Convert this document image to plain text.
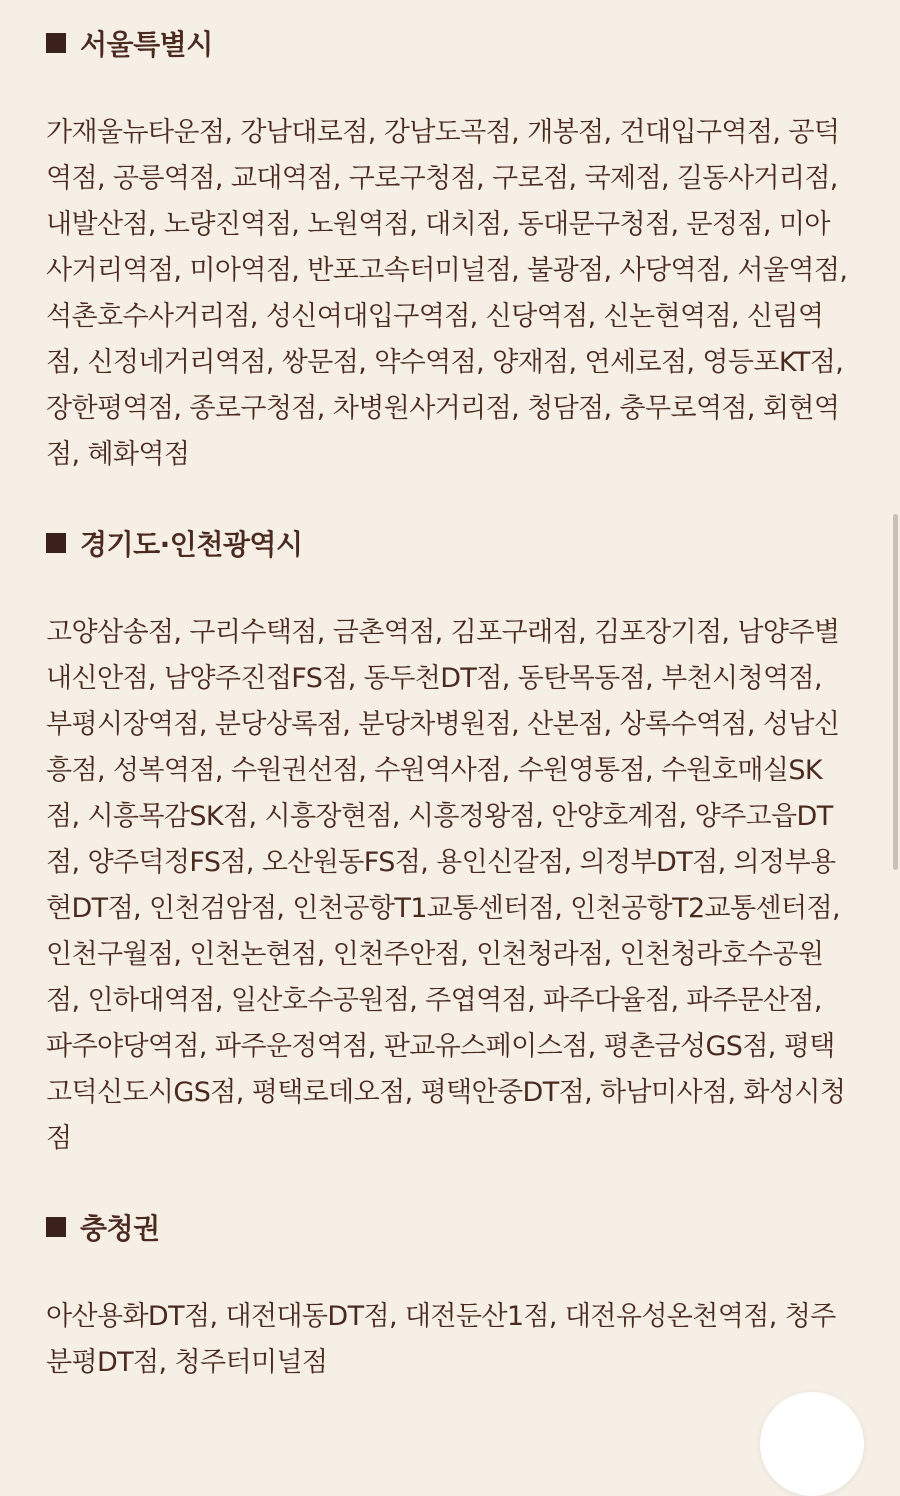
서울특별시

가재울뉴타운점, 강남대로점, 강남도곡점, 개봉점, 건대입구역점, 공덕역점, 공릉역점, 교대역점, 구로구청점, 구로점, 국제점, 길동사거리점, 내발산점, 노량진역점, 노원역점, 대치점, 동대문구청점, 문정점, 미아사거리역점, 미아역점, 반포고속터미널점, 불광점, 사당역점, 서울역점, 석촌호수사거리점, 성신여대입구역점, 신당역점, 신논현역점, 신림역점, 신정네거리역점, 쌍문점, 약수역점, 양재점, 연세로점, 영등포KT점, 장한평역점, 종로구청점, 차병원사거리점, 청담점, 충무로역점, 회현역점, 혜화역점

경기도·인천광역시

고양삼송점, 구리수택점, 금촌역점, 김포구래점, 김포장기점, 남양주별내신안점, 남양주진접FS점, 동두천DT점, 동탄목동점, 부천시청역점, 부평시장역점, 분당상록점, 분당차병원점, 산본점, 상록수역점, 성남신흥점, 성복역점, 수원권선점, 수원역사점, 수원영통점, 수원호매실SK점, 시흥목감SK점, 시흥장현점, 시흥정왕점, 안양호계점, 양주고읍DT점, 양주덕정FS점, 오산원동FS점, 용인신갈점, 의정부DT점, 의정부용현DT점, 인천검암점, 인천공항T1교통센터점, 인천공항T2교통센터점, 인천구월점, 인천논현점, 인천주안점, 인천청라점, 인천청라호수공원점, 인하대역점, 일산호수공원점, 주엽역점, 파주다율점, 파주문산점, 파주야당역점, 파주운정역점, 판교유스페이스점, 평촌금성GS점, 평택고덕신도시GS점, 평택로데오점, 평택안중DT점, 하남미사점, 화성시청점

충청권

아산용화DT점, 대전대동DT점, 대전둔산1점, 대전유성온천역점, 청주분평DT점, 청주터미널점
